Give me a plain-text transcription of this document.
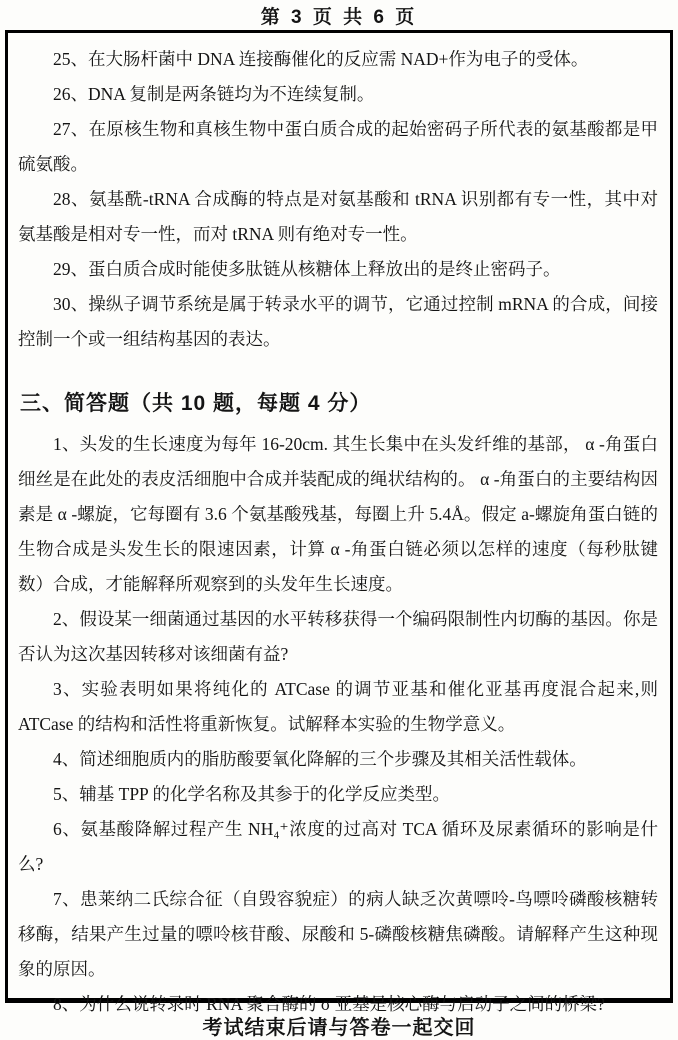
第 3 页 共 6 页

25、在大肠杆菌中 DNA 连接酶催化的反应需 NAD+作为电子的受体。

26、DNA 复制是两条链均为不连续复制。

27、在原核生物和真核生物中蛋白质合成的起始密码子所代表的氨基酸都是甲硫氨酸。

28、氨基酰-tRNA 合成酶的特点是对氨基酸和 tRNA 识别都有专一性，其中对氨基酸是相对专一性，而对 tRNA 则有绝对专一性。

29、蛋白质合成时能使多肽链从核糖体上释放出的是终止密码子。

30、操纵子调节系统是属于转录水平的调节，它通过控制 mRNA 的合成，间接控制一个或一组结构基因的表达。

三、简答题（共 10 题，每题 4 分）

1、头发的生长速度为每年 16-20cm. 其生长集中在头发纤维的基部， α -角蛋白细丝是在此处的表皮活细胞中合成并装配成的绳状结构的。 α -角蛋白的主要结构因素是 α -螺旋，它每圈有 3.6 个氨基酸残基，每圈上升 5.4Å。假定 a-螺旋角蛋白链的生物合成是头发生长的限速因素，计算 α -角蛋白链必须以怎样的速度（每秒肽键数）合成，才能解释所观察到的头发年生长速度。

2、假设某一细菌通过基因的水平转移获得一个编码限制性内切酶的基因。你是否认为这次基因转移对该细菌有益?

3、实验表明如果将纯化的 ATCase 的调节亚基和催化亚基再度混合起来,则 ATCase 的结构和活性将重新恢复。试解释本实验的生物学意义。

4、简述细胞质内的脂肪酸要氧化降解的三个步骤及其相关活性载体。

5、辅基 TPP 的化学名称及其参于的化学反应类型。

6、氨基酸降解过程产生 NH₄⁺浓度的过高对 TCA 循环及尿素循环的影响是什么?

7、患莱纳二氏综合征（自毁容貌症）的病人缺乏次黄嘌呤-鸟嘌呤磷酸核糖转移酶，结果产生过量的嘌呤核苷酸、尿酸和 5-磷酸核糖焦磷酸。请解释产生这种现象的原因。

8、为什么说转录时 RNA 聚合酶的 σ 亚基是核心酶与启动子之间的桥梁?

考试结束后请与答卷一起交回
